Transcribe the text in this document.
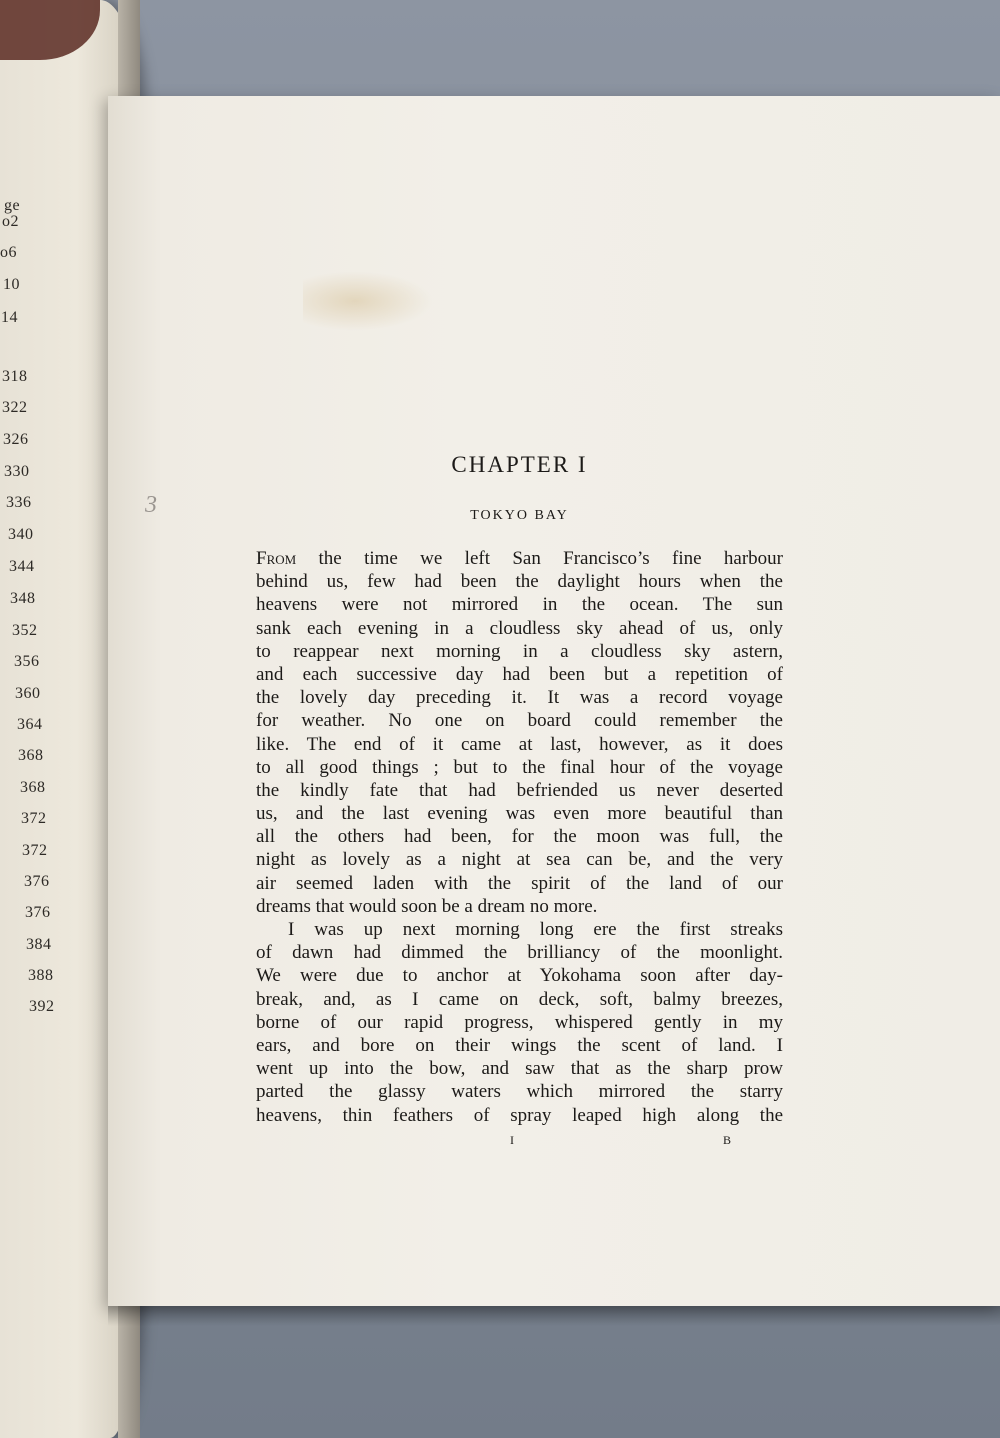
ge
o2
o6
10
14
318
322
326
330
336
340
344
348
352
356
360
364
368
368
372
372
376
376
384
388
392
3
CHAPTER I
TOKYO BAY
From the time we left San Francisco’s fine harbour
behind us, few had been the daylight hours when the
heavens were not mirrored in the ocean. The sun
sank each evening in a cloudless sky ahead of us, only
to reappear next morning in a cloudless sky astern,
and each successive day had been but a repetition of
the lovely day preceding it. It was a record voyage
for weather. No one on board could remember the
like. The end of it came at last, however, as it does
to all good things ; but to the final hour of the voyage
the kindly fate that had befriended us never deserted
us, and the last evening was even more beautiful than
all the others had been, for the moon was full, the
night as lovely as a night at sea can be, and the very
air seemed laden with the spirit of the land of our
dreams that would soon be a dream no more.
I was up next morning long ere the first streaks
of dawn had dimmed the brilliancy of the moonlight.
We were due to anchor at Yokohama soon after day-
break, and, as I came on deck, soft, balmy breezes,
borne of our rapid progress, whispered gently in my
ears, and bore on their wings the scent of land. I
went up into the bow, and saw that as the sharp prow
parted the glassy waters which mirrored the starry
heavens, thin feathers of spray leaped high along the
I	B
